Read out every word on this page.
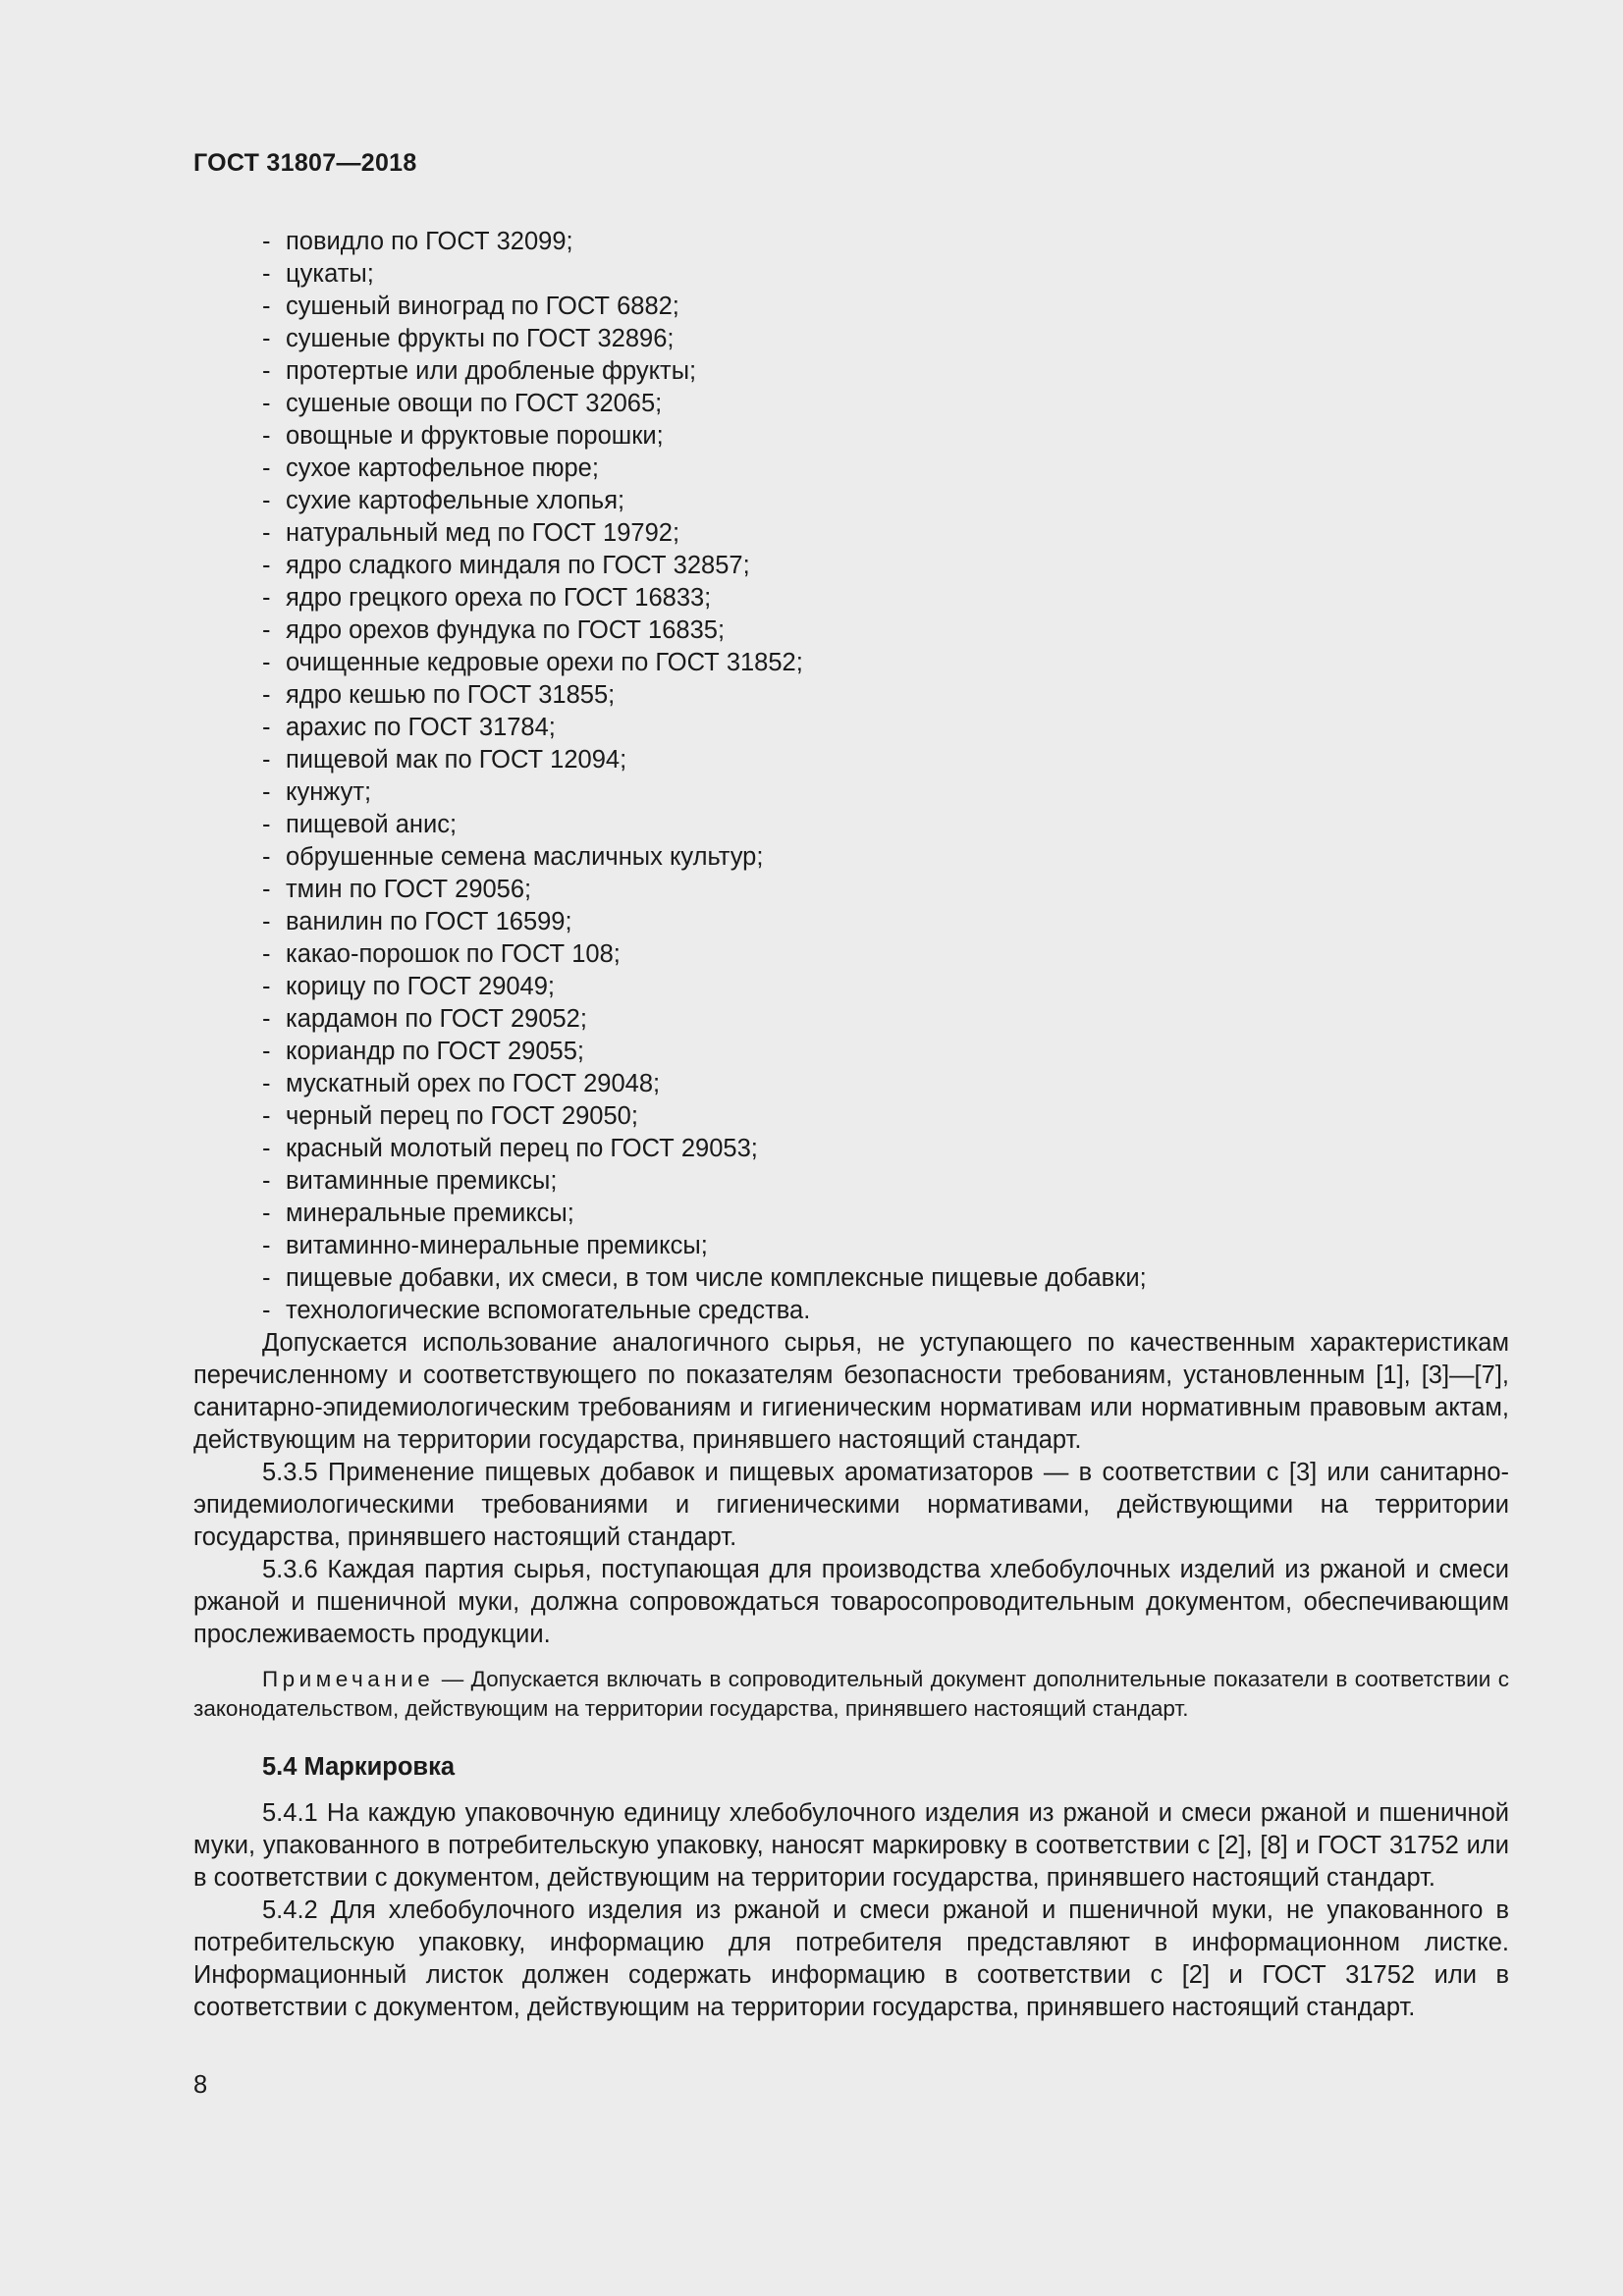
ГОСТ 31807—2018
- повидло по ГОСТ 32099;
- цукаты;
- сушеный виноград по ГОСТ 6882;
- сушеные фрукты по ГОСТ 32896;
- протертые или дробленые фрукты;
- сушеные овощи по ГОСТ 32065;
- овощные и фруктовые порошки;
- сухое картофельное пюре;
- сухие картофельные хлопья;
- натуральный мед по ГОСТ 19792;
- ядро сладкого миндаля по ГОСТ 32857;
- ядро грецкого ореха по ГОСТ 16833;
- ядро орехов фундука по ГОСТ 16835;
- очищенные кедровые орехи по ГОСТ 31852;
- ядро кешью по ГОСТ 31855;
- арахис по ГОСТ 31784;
- пищевой мак по ГОСТ 12094;
- кунжут;
- пищевой анис;
- обрушенные семена масличных культур;
- тмин по ГОСТ 29056;
- ванилин по ГОСТ 16599;
- какао-порошок по ГОСТ 108;
- корицу по ГОСТ 29049;
- кардамон по ГОСТ 29052;
- кориандр по ГОСТ 29055;
- мускатный орех по ГОСТ 29048;
- черный перец по ГОСТ 29050;
- красный молотый перец по ГОСТ 29053;
- витаминные премиксы;
- минеральные премиксы;
- витаминно-минеральные премиксы;
- пищевые добавки, их смеси, в том числе комплексные пищевые добавки;
- технологические вспомогательные средства.

Допускается использование аналогичного сырья, не уступающего по качественным характеристикам перечисленному и соответствующего по показателям безопасности требованиям, установленным [1], [3]—[7], санитарно-эпидемиологическим требованиям и гигиеническим нормативам или нормативным правовым актам, действующим на территории государства, принявшего настоящий стандарт.

5.3.5 Применение пищевых добавок и пищевых ароматизаторов — в соответствии с [3] или санитарно-эпидемиологическими требованиями и гигиеническими нормативами, действующими на территории государства, принявшего настоящий стандарт.

5.3.6 Каждая партия сырья, поступающая для производства хлебобулочных изделий из ржаной и смеси ржаной и пшеничной муки, должна сопровождаться товаросопроводительным документом, обеспечивающим прослеживаемость продукции.

Примечание — Допускается включать в сопроводительный документ дополнительные показатели в соответствии с законодательством, действующим на территории государства, принявшего настоящий стандарт.

5.4 Маркировка

5.4.1 На каждую упаковочную единицу хлебобулочного изделия из ржаной и смеси ржаной и пшеничной муки, упакованного в потребительскую упаковку, наносят маркировку в соответствии с [2], [8] и ГОСТ 31752 или в соответствии с документом, действующим на территории государства, принявшего настоящий стандарт.

5.4.2 Для хлебобулочного изделия из ржаной и смеси ржаной и пшеничной муки, не упакованного в потребительскую упаковку, информацию для потребителя представляют в информационном листке. Информационный листок должен содержать информацию в соответствии с [2] и ГОСТ 31752 или в соответствии с документом, действующим на территории государства, принявшего настоящий стандарт.

8
